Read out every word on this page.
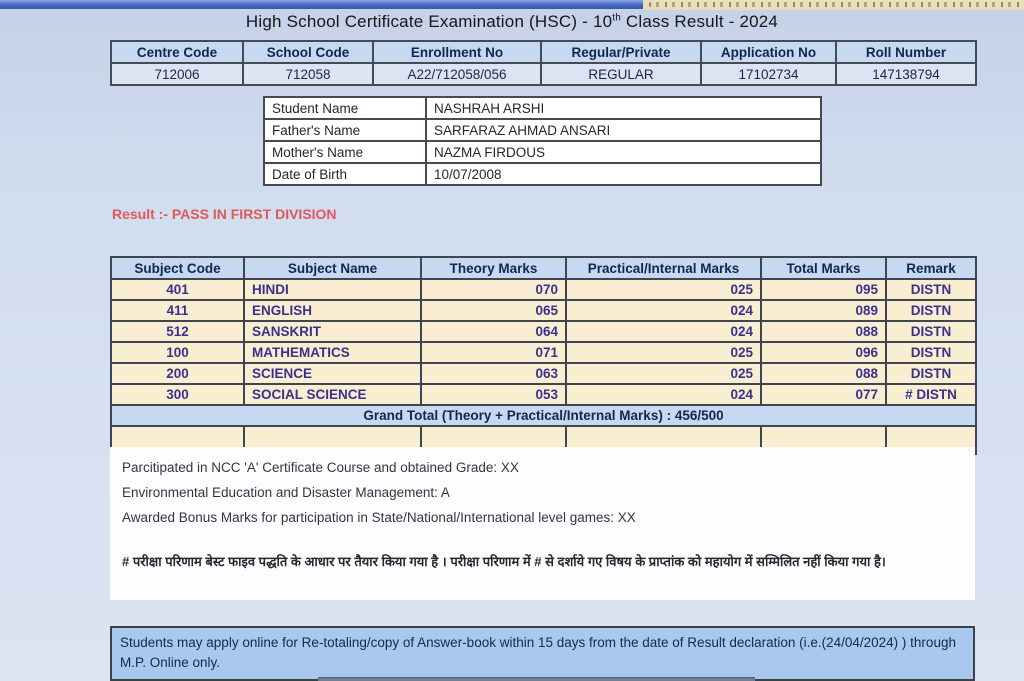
High School Certificate Examination (HSC) - 10th Class Result - 2024
Centre Code	School Code	Enrollment No	Regular/Private	Application No	Roll Number
712006	712058	A22/712058/056	REGULAR	17102734	147138794
Student Name	NASHRAH ARSHI
Father's Name	SARFARAZ AHMAD ANSARI
Mother's Name	NAZMA FIRDOUS
Date of Birth	10/07/2008
Result :- PASS IN FIRST DIVISION
Subject Code	Subject Name	Theory Marks	Practical/Internal Marks	Total Marks	Remark
401	HINDI	070	025	095	DISTN
411	ENGLISH	065	024	089	DISTN
512	SANSKRIT	064	024	088	DISTN
100	MATHEMATICS	071	025	096	DISTN
200	SCIENCE	063	025	088	DISTN
300	SOCIAL SCIENCE	053	024	077	# DISTN
Grand Total (Theory + Practical/Internal Marks) : 456/500					

Parcitipated in NCC 'A' Certificate Course and obtained Grade: XX

Environmental Education and Disaster Management: A

Awarded Bonus Marks for participation in State/National/International level games: XX

# परीक्षा परिणाम बेस्ट फाइव पद्धति के आधार पर तैयार किया गया है । परीक्षा परिणाम में # से दर्शाये गए विषय के प्राप्तांक को महायोग में सम्मिलित नहीं किया गया है।
Students may apply online for Re-totaling/copy of Answer-book within 15 days from the date of Result declaration (i.e.(24/04/2024) ) through M.P. Online only.
